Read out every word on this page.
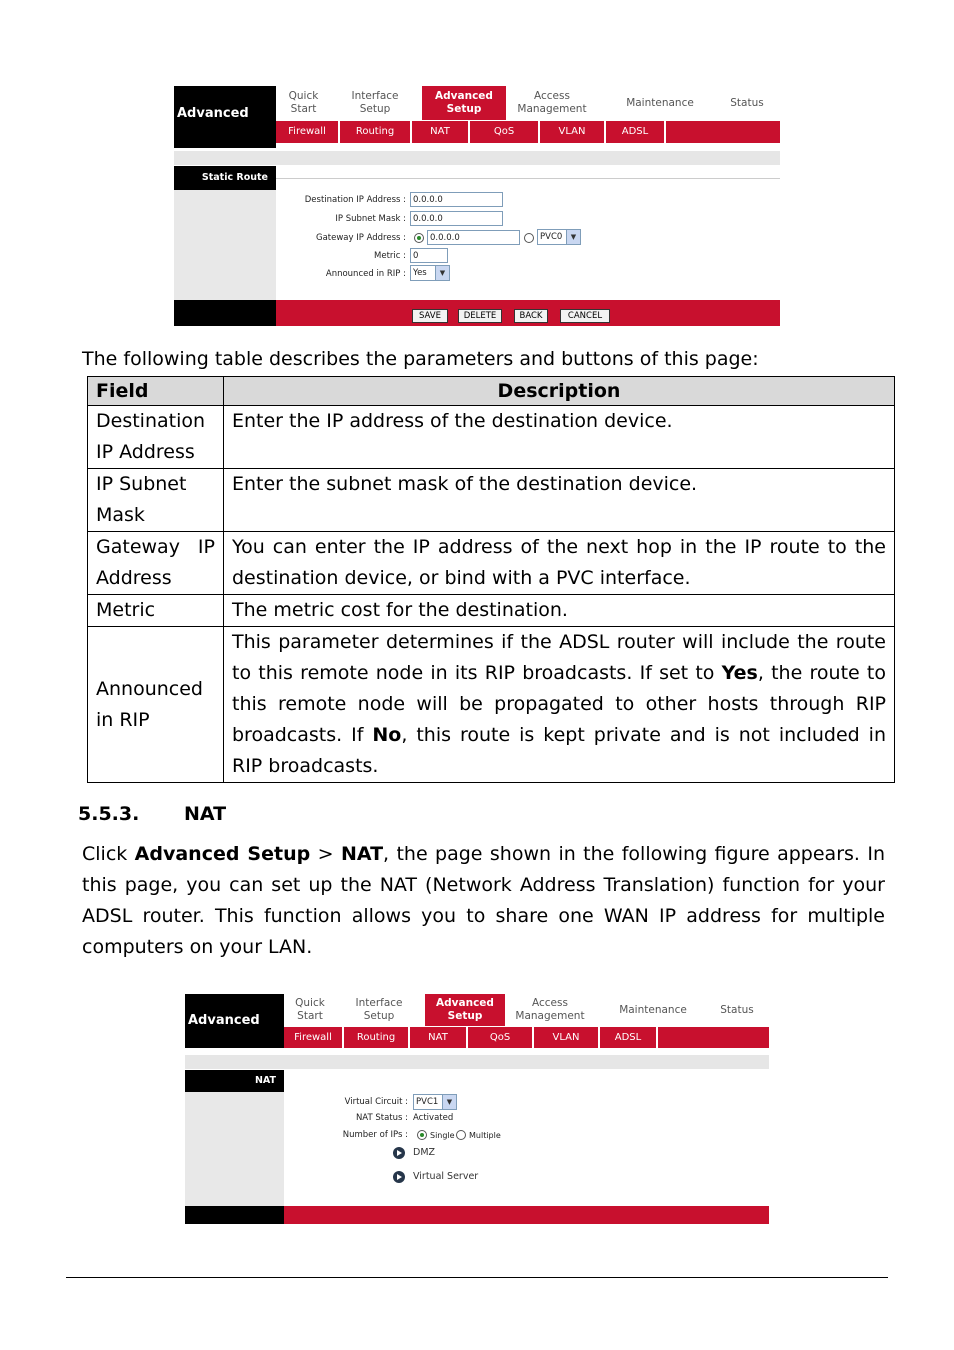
Advanced
Quick Start
Interface Setup
Advanced Setup
Access Management
Maintenance	Status
Firewall	Routing	NAT	QoS	VLAN	ADSL
Static Route
Destination IP Address : 0.0.0.0
IP Subnet Mask : 0.0.0.0
Gateway IP Address :	0.0.0.0	PVC0	▼
Metric : 0
Announced in RIP : Yes	▼
SAVE	DELETE	BACK	CANCEL
The following table describes the parameters and buttons of this page:
Field	Description
Destination IP Address	Enter the IP address of the destination device.
IP Subnet Mask	Enter the subnet mask of the destination device.
Gateway IP Address	You can enter the IP address of the next hop in the IP route to the destination device, or bind with a PVC interface.
Metric	The metric cost for the destination.
Announced in RIP	This parameter determines if the ADSL router will include the route to this remote node in its RIP broadcasts. If set to Yes, the route to this remote node will be propagated to other hosts through RIP broadcasts. If No, this route is kept private and is not included in RIP broadcasts.
5.5.3. NAT
Click Advanced Setup > NAT, the page shown in the following figure appears. In this page, you can set up the NAT (Network Address Translation) function for your ADSL router. This function allows you to share one WAN IP address for multiple computers on your LAN.
Advanced
Quick Start
Interface Setup
Advanced Setup
Access Management
Maintenance	Status
Firewall	Routing	NAT	QoS	VLAN	ADSL
NAT
Virtual Circuit : PVC1	▼
NAT Status : Activated
Number of IPs :	Single Multiple
DMZ
Virtual Server
